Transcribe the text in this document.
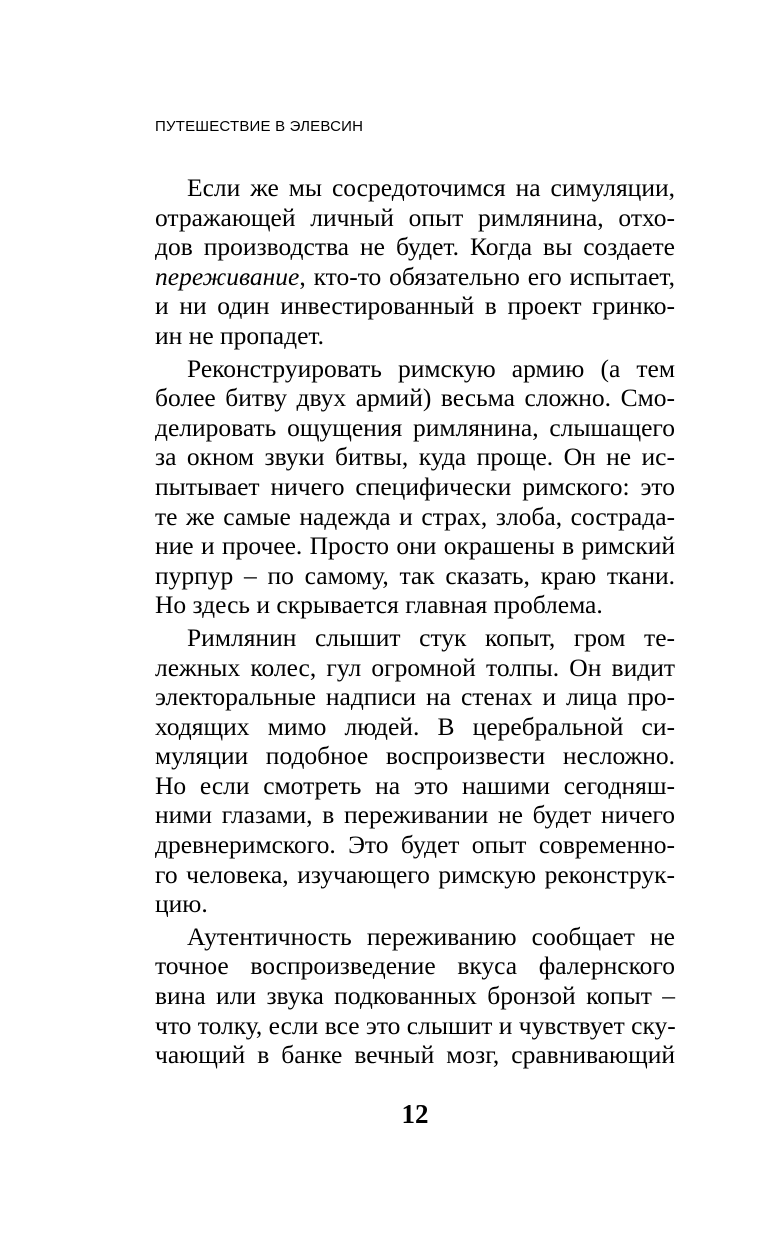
ПУТЕШЕСТВИЕ В ЭЛЕВСИН
Если же мы сосредоточимся на симуляции,
отражающей личный опыт римлянина, отхо-
дов производства не будет. Когда вы создаете
переживание, кто-то обязательно его испытает,
и ни один инвестированный в проект гринко-
ин не пропадет.
Реконструировать римскую армию (а тем
более битву двух армий) весьма сложно. Смо-
делировать ощущения римлянина, слышащего
за окном звуки битвы, куда проще. Он не ис-
пытывает ничего специфически римского: это
те же самые надежда и страх, злоба, сострада-
ние и прочее. Просто они окрашены в римский
пурпур – по самому, так сказать, краю ткани.
Но здесь и скрывается главная проблема.
Римлянин слышит стук копыт, гром те-
лежных колес, гул огромной толпы. Он видит
электоральные надписи на стенах и лица про-
ходящих мимо людей. В церебральной си-
муляции подобное воспроизвести несложно.
Но если смотреть на это нашими сегодняш-
ними глазами, в переживании не будет ничего
древнеримского. Это будет опыт современно-
го человека, изучающего римскую реконструк-
цию.
Аутентичность переживанию сообщает не
точное воспроизведение вкуса фалернского
вина или звука подкованных бронзой копыт –
что толку, если все это слышит и чувствует ску-
чающий в банке вечный мозг, сравнивающий
12
